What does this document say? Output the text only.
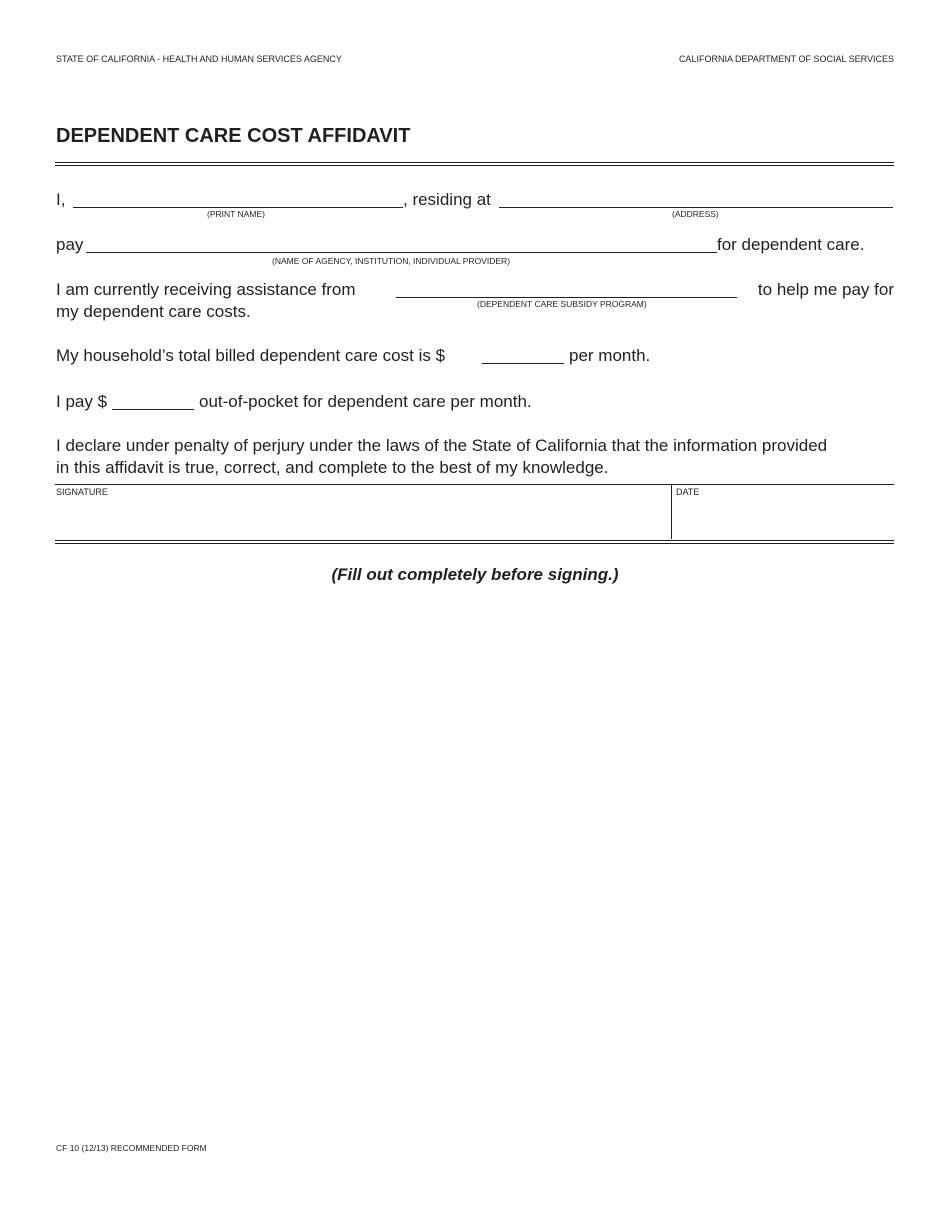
STATE OF CALIFORNIA - HEALTH AND HUMAN SERVICES AGENCY	CALIFORNIA DEPARTMENT OF SOCIAL SERVICES
DEPENDENT CARE COST AFFIDAVIT
I,	, residing at
(PRINT NAME)	(ADDRESS)
pay	for dependent care.
(NAME OF AGENCY, INSTITUTION, INDIVIDUAL PROVIDER)
I am currently receiving assistance from	to help me pay for
(DEPENDENT CARE SUBSIDY PROGRAM)
my dependent care costs.
My household’s total billed dependent care cost is $	per month.
I pay $	out-of-pocket for dependent care per month.
I declare under penalty of perjury under the laws of the State of California that the information provided
in this affidavit is true, correct, and complete to the best of my knowledge.
SIGNATURE	DATE
(Fill out completely before signing.)
CF 10 (12/13) RECOMMENDED FORM
